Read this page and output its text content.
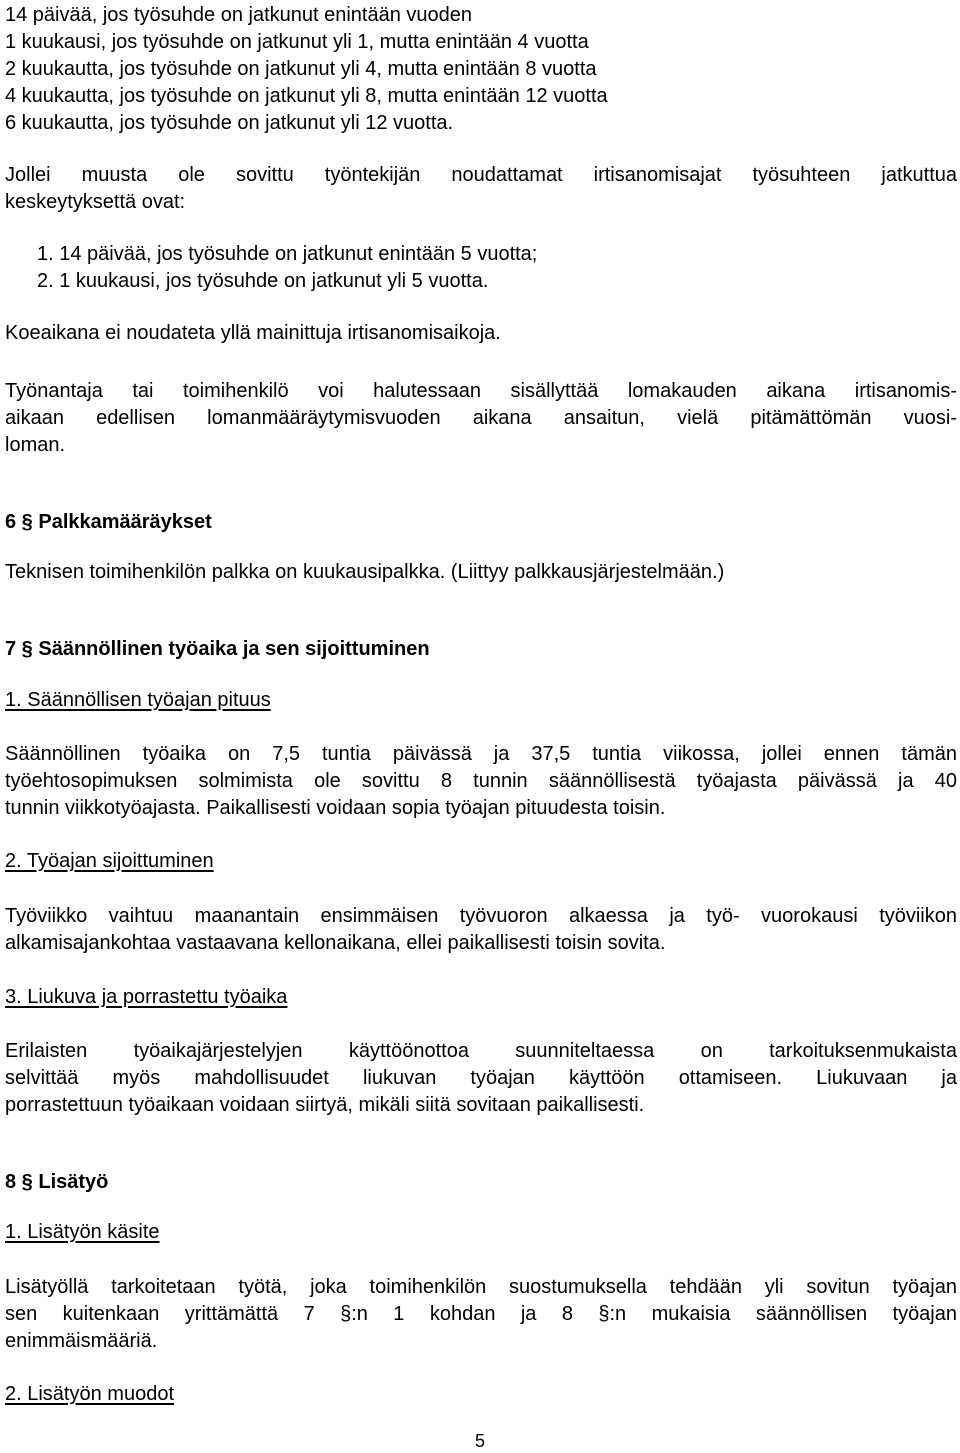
14 päivää, jos työsuhde on jatkunut enintään vuoden
1 kuukausi, jos työsuhde on jatkunut yli 1, mutta enintään 4 vuotta
2 kuukautta, jos työsuhde on jatkunut yli 4, mutta enintään 8 vuotta
4 kuukautta, jos työsuhde on jatkunut yli 8, mutta enintään 12 vuotta
6 kuukautta, jos työsuhde on jatkunut yli 12 vuotta.
Jollei muusta ole sovittu työntekijän noudattamat irtisanomisajat työsuhteen jatkuttua
keskeytyksettä ovat:
1. 14 päivää, jos työsuhde on jatkunut enintään 5 vuotta;
2. 1 kuukausi, jos työsuhde on jatkunut yli 5 vuotta.
Koeaikana ei noudateta yllä mainittuja irtisanomisaikoja.
Työnantaja tai toimihenkilö voi halutessaan sisällyttää lomakauden aikana irtisanomis-
aikaan edellisen lomanmääräytymisvuoden aikana ansaitun, vielä pitämättömän vuosi-
loman.
6 § Palkkamääräykset
Teknisen toimihenkilön palkka on kuukausipalkka. (Liittyy palkkausjärjestelmään.)
7 § Säännöllinen työaika ja sen sijoittuminen
1. Säännöllisen työajan pituus
Säännöllinen työaika on 7,5 tuntia päivässä ja 37,5 tuntia viikossa, jollei ennen tämän
työehtosopimuksen solmimista ole sovittu 8 tunnin säännöllisestä työajasta päivässä ja 40
tunnin viikkotyöajasta. Paikallisesti voidaan sopia työajan pituudesta toisin.
2. Työajan sijoittuminen
Työviikko vaihtuu maanantain ensimmäisen työvuoron alkaessa ja työ- vuorokausi työviikon
alkamisajankohtaa vastaavana kellonaikana, ellei paikallisesti toisin sovita.
3. Liukuva ja porrastettu työaika
Erilaisten työaikajärjestelyjen käyttöönottoa suunniteltaessa on tarkoituksenmukaista
selvittää myös mahdollisuudet liukuvan työajan käyttöön ottamiseen. Liukuvaan ja
porrastettuun työaikaan voidaan siirtyä, mikäli siitä sovitaan paikallisesti.
8 § Lisätyö
1. Lisätyön käsite
Lisätyöllä tarkoitetaan työtä, joka toimihenkilön suostumuksella tehdään yli sovitun työajan
sen kuitenkaan yrittämättä 7 §:n 1 kohdan ja 8 §:n mukaisia säännöllisen työajan
enimmäismääriä.
2. Lisätyön muodot
5
